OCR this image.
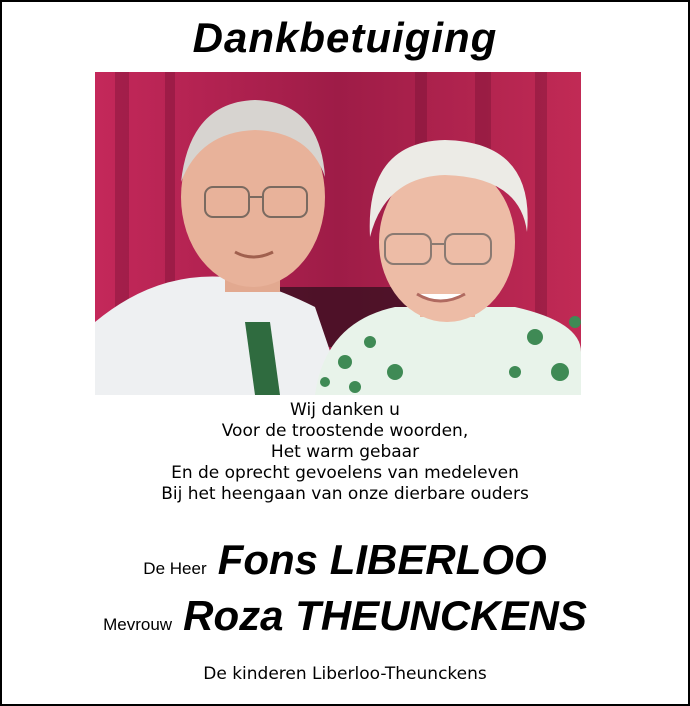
Dankbetuiging
Wij danken u
Voor de troostende woorden,
Het warm gebaar
En de oprecht gevoelens van medeleven
Bij het heengaan van onze dierbare ouders
De Heer Fons LIBERLOO
Mevrouw Roza THEUNCKENS
De kinderen Liberloo-Theunckens
